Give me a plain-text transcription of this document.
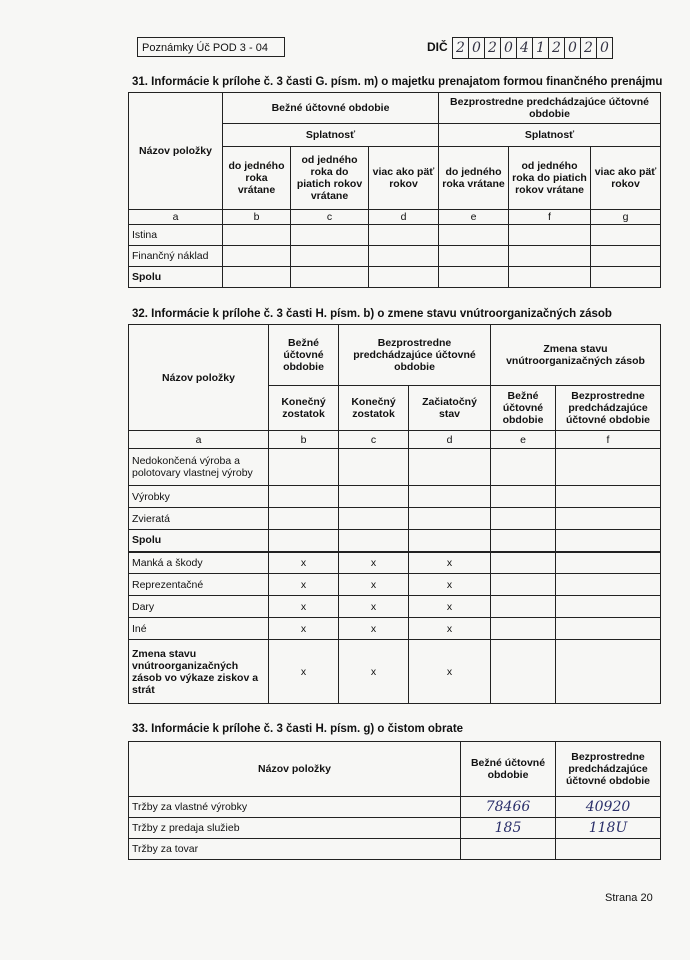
Poznámky Úč POD 3 - 04	DIČ 2 0 2 0 4 1 2 0 2 0
31. Informácie k prílohe č. 3 časti G. písm. m) o majetku prenajatom formou finančného prenájmu
Názov položky	Bežné účtovné obdobie			Bezprostredne predchádzajúce účtovné obdobie		
	Splatnosť			Splatnosť		
	do jedného roka vrátane	od jedného roka do piatich rokov vrátane	viac ako päť rokov	do jedného roka vrátane	od jedného roka do piatich rokov vrátane	viac ako päť rokov
a	b	c	d	e	f	g
Istina						
Finančný náklad						
Spolu						
32. Informácie k prílohe č. 3 časti H. písm. b) o zmene stavu vnútroorganizačných zásob
Názov položky	Bežné účtovné obdobie	Bezprostredne predchádzajúce účtovné obdobie		Zmena stavu vnútroorganizačných zásob	
	Konečný zostatok	Konečný zostatok	Začiatočný stav	Bežné účtovné obdobie	Bezprostredne predchádzajúce účtovné obdobie
a	b	c	d	e	f
Nedokončená výroba a polotovary vlastnej výroby					
Výrobky					
Zvieratá					
Spolu					
Manká a škody	x	x	x		
Reprezentačné	x	x	x		
Dary	x	x	x		
Iné	x	x	x		
Zmena stavu vnútroorganizačných zásob vo výkaze ziskov a strát	x	x	x		
33. Informácie k prílohe č. 3 časti H. písm. g) o čistom obrate
Názov položky	Bežné účtovné obdobie	Bezprostredne predchádzajúce účtovné obdobie
Tržby za vlastné výrobky	78466	40920
Tržby z predaja služieb	185	118U
Tržby za tovar		
Strana 20
